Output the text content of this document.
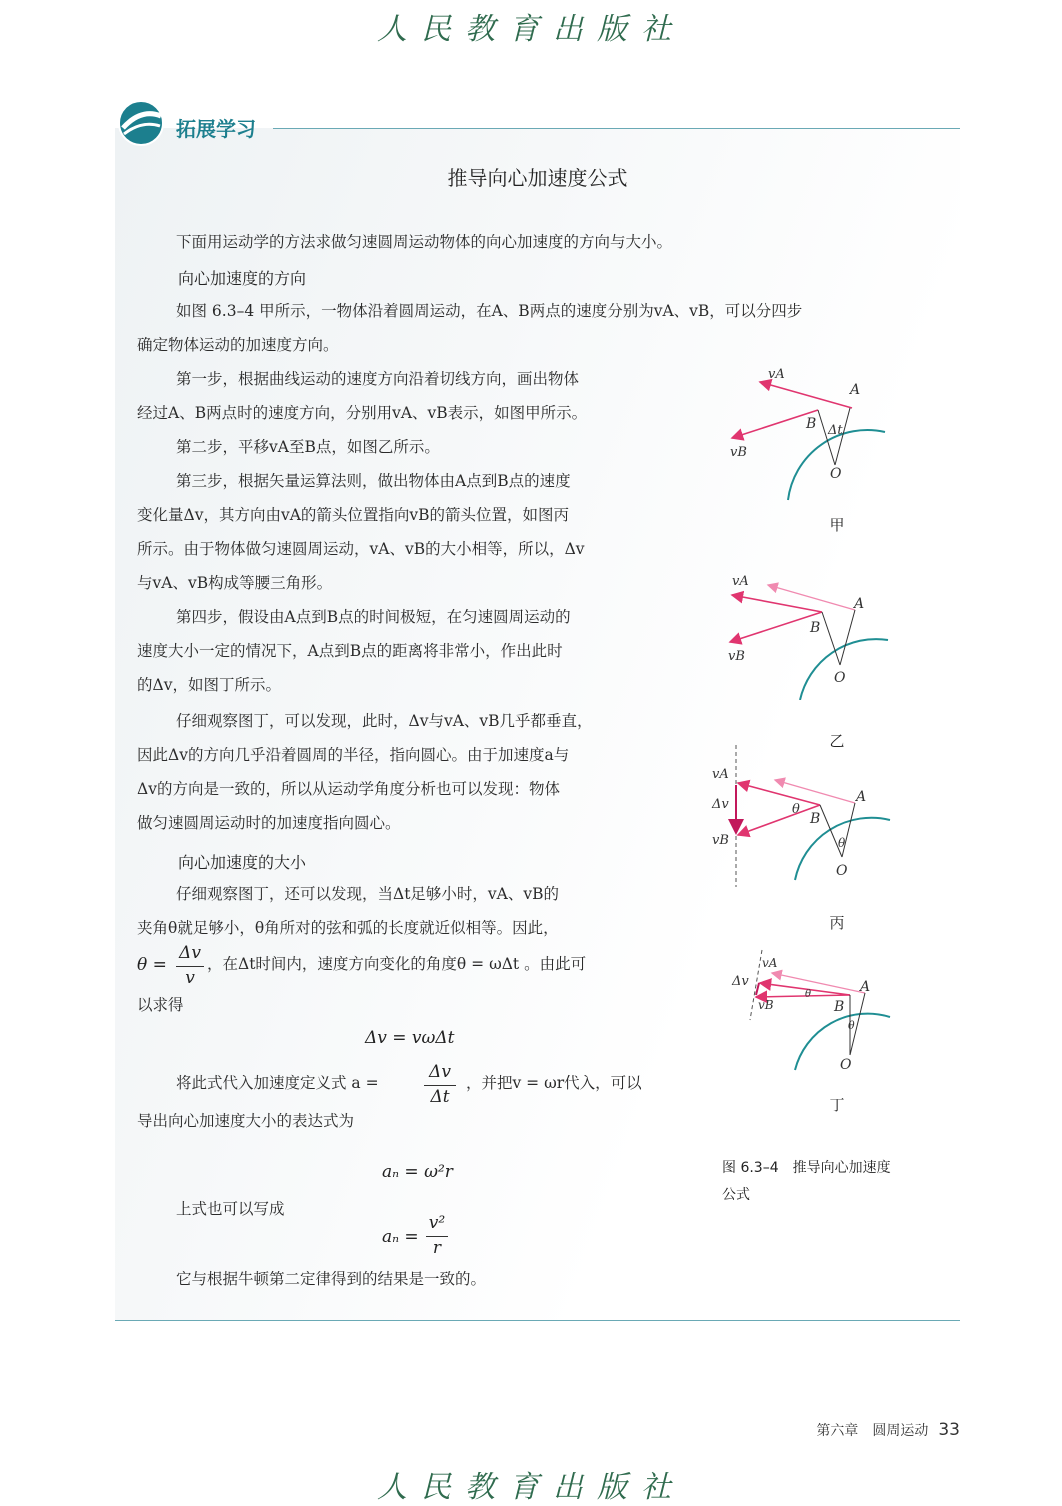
人民教育出版社
拓展学习
推导向心加速度公式
下面用运动学的方法求做匀速圆周运动物体的向心加速度的方向与大小。
向心加速度的方向
如图 6.3–4 甲所示，一物体沿着圆周运动，在A、B两点的速度分别为vA、vB，可以分四步
确定物体运动的加速度方向。
第一步，根据曲线运动的速度方向沿着切线方向，画出物体
经过A、B两点时的速度方向，分别用vA、vB表示，如图甲所示。
第二步，平移vA至B点，如图乙所示。
第三步，根据矢量运算法则，做出物体由A点到B点的速度
变化量Δv，其方向由vA的箭头位置指向vB的箭头位置，如图丙
所示。由于物体做匀速圆周运动，vA、vB的大小相等，所以，Δv
与vA、vB构成等腰三角形。
第四步，假设由A点到B点的时间极短，在匀速圆周运动的
速度大小一定的情况下，A点到B点的距离将非常小，作出此时
的Δv，如图丁所示。
仔细观察图丁，可以发现，此时，Δv与vA、vB几乎都垂直，
因此Δv的方向几乎沿着圆周的半径，指向圆心。由于加速度a与
Δv的方向是一致的，所以从运动学角度分析也可以发现：物体
做匀速圆周运动时的加速度指向圆心。
向心加速度的大小
仔细观察图丁，还可以发现，当Δt足够小时，vA、vB的
夹角θ就足够小，θ角所对的弦和弧的长度就近似相等。因此，
θ =
Δv
v
，在Δt时间内，速度方向变化的角度θ = ωΔt 。由此可
以求得
Δv = vωΔt
将此式代入加速度定义式 a =
Δv
Δt
，并把v = ωr代入，可以
导出向心加速度大小的表达式为
aₙ = ω²r
上式也可以写成
aₙ =
v²
r
它与根据牛顿第二定律得到的结果是一致的。
vA
A
B Δt
vB
O
甲
vA
A
B
vB
O
乙
vA
Δv
vB
θ
A
B
θ
O
丙
vA
Δv
vB
θ	A
B
θ
O
丁
图 6.3–4　推导向心加速度
公式
第六章　圆周运动 33
人民教育出版社
